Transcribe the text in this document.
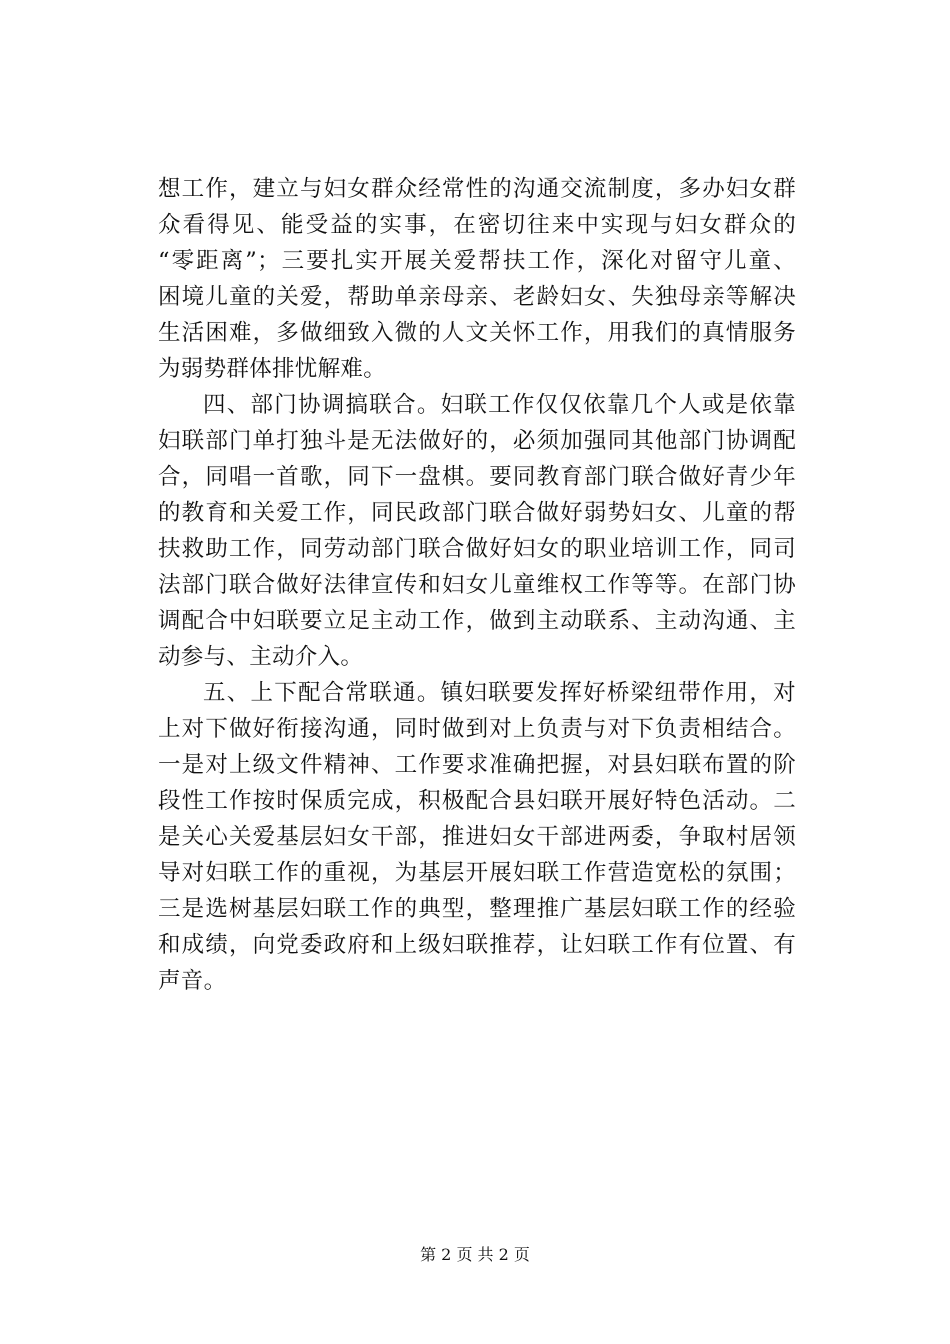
想工作，建立与妇女群众经常性的沟通交流制度，多办妇女群
众看得见、能受益的实事，在密切往来中实现与妇女群众的
“零距离”；三要扎实开展关爱帮扶工作，深化对留守儿童、
困境儿童的关爱，帮助单亲母亲、老龄妇女、失独母亲等解决
生活困难，多做细致入微的人文关怀工作，用我们的真情服务
为弱势群体排忧解难。
四、部门协调搞联合。妇联工作仅仅依靠几个人或是依靠
妇联部门单打独斗是无法做好的，必须加强同其他部门协调配
合，同唱一首歌，同下一盘棋。要同教育部门联合做好青少年
的教育和关爱工作，同民政部门联合做好弱势妇女、儿童的帮
扶救助工作，同劳动部门联合做好妇女的职业培训工作，同司
法部门联合做好法律宣传和妇女儿童维权工作等等。在部门协
调配合中妇联要立足主动工作，做到主动联系、主动沟通、主
动参与、主动介入。
五、上下配合常联通。镇妇联要发挥好桥梁纽带作用，对
上对下做好衔接沟通，同时做到对上负责与对下负责相结合。
一是对上级文件精神、工作要求准确把握，对县妇联布置的阶
段性工作按时保质完成，积极配合县妇联开展好特色活动。二
是关心关爱基层妇女干部，推进妇女干部进两委，争取村居领
导对妇联工作的重视，为基层开展妇联工作营造宽松的氛围；
三是选树基层妇联工作的典型，整理推广基层妇联工作的经验
和成绩，向党委政府和上级妇联推荐，让妇联工作有位置、有
声音。
第 2 页 共 2 页
